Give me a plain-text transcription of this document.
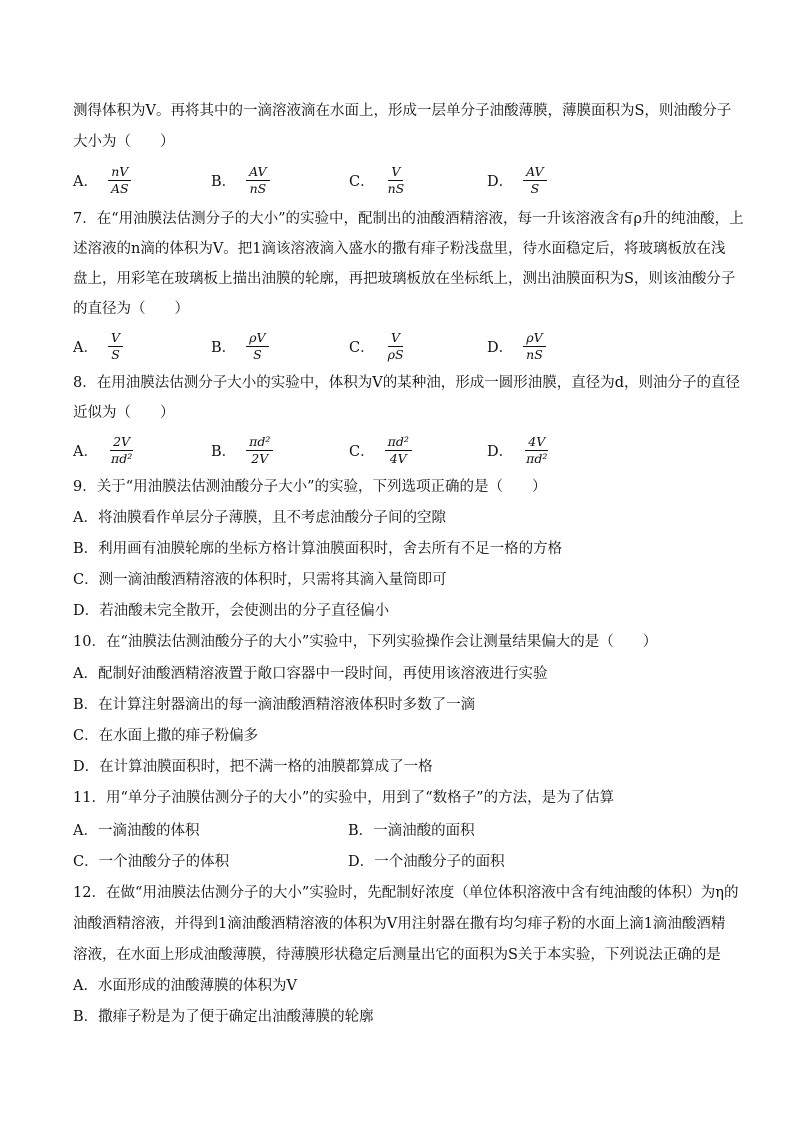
测得体积为V。再将其中的一滴溶液滴在水面上，形成一层单分子油酸薄膜，薄膜面积为S，则油酸分子
大小为（　　）
A． $\frac{nV}{AS}$	B． $\frac{AV}{nS}$	C． $\frac{V}{nS}$	D． $\frac{AV}{S}$
7．在“用油膜法估测分子的大小”的实验中，配制出的油酸酒精溶液，每一升该溶液含有ρ升的纯油酸，上
述溶液的n滴的体积为V。把1滴该溶液滴入盛水的撒有痱子粉浅盘里，待水面稳定后，将玻璃板放在浅
盘上，用彩笔在玻璃板上描出油膜的轮廓，再把玻璃板放在坐标纸上，测出油膜面积为S，则该油酸分子
的直径为（　　）
A． $\frac{V}{S}$	B． $\frac{\rho V}{S}$	C． $\frac{V}{\rho S}$	D． $\frac{\rho V}{nS}$
8．在用油膜法估测分子大小的实验中，体积为V的某种油，形成一圆形油膜，直径为d，则油分子的直径
近似为（　　）
A． $\frac{2V}{\text{πd²}}$	B． $\frac{\text{πd²}}{2V}$	C． $\frac{\text{πd²}}{4V}$	D． $\frac{4V}{\text{πd²}}$
9．关于“用油膜法估测油酸分子大小”的实验，下列选项正确的是（　　）
A．将油膜看作单层分子薄膜，且不考虑油酸分子间的空隙
B．利用画有油膜轮廓的坐标方格计算油膜面积时，舍去所有不足一格的方格
C．测一滴油酸酒精溶液的体积时，只需将其滴入量筒即可
D．若油酸未完全散开，会使测出的分子直径偏小
10．在“油膜法估测油酸分子的大小”实验中，下列实验操作会让测量结果偏大的是（　　）
A．配制好油酸酒精溶液置于敞口容器中一段时间，再使用该溶液进行实验
B．在计算注射器滴出的每一滴油酸酒精溶液体积时多数了一滴
C．在水面上撒的痱子粉偏多
D．在计算油膜面积时，把不满一格的油膜都算成了一格
11．用“单分子油膜估测分子的大小”的实验中，用到了“数格子”的方法，是为了估算
A．一滴油酸的体积	B．一滴油酸的面积
C．一个油酸分子的体积	D．一个油酸分子的面积
12．在做“用油膜法估测分子的大小”实验时，先配制好浓度（单位体积溶液中含有纯油酸的体积）为η的
油酸酒精溶液，并得到1滴油酸酒精溶液的体积为V用注射器在撒有均匀痱子粉的水面上滴1滴油酸酒精
溶液，在水面上形成油酸薄膜，待薄膜形状稳定后测量出它的面积为S关于本实验，下列说法正确的是
A．水面形成的油酸薄膜的体积为V
B．撒痱子粉是为了便于确定出油酸薄膜的轮廓
